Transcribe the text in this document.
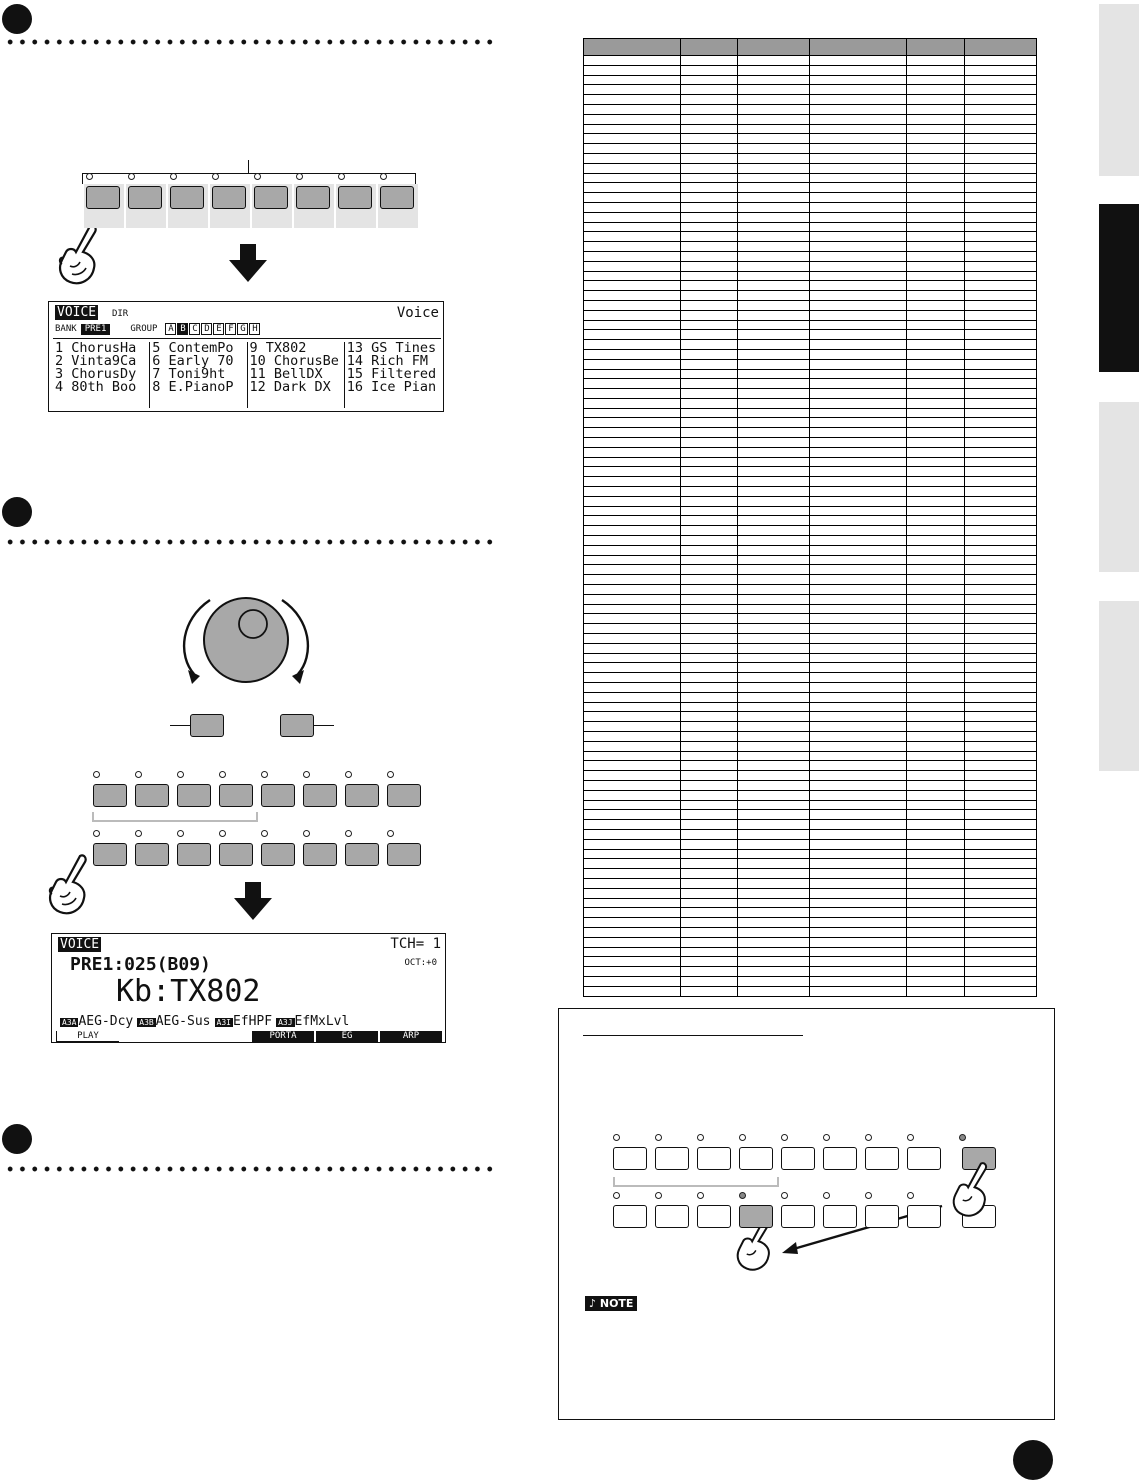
VOICE DIR	Voice
BANK PRE1	GROUP	A B C D E F G H
1 ChorusHa
2 Vinta9Ca
3 ChorusDy
4 80th Boo
5 ContemPo
6 Early 70
7 Toni9ht
8 E.PianoP
9 TX802
10 ChorusBe
11 BellDX
12 Dark DX
13 GS Tines
14 Rich FM
15 Filtered
16 Ice Pian
VOICE	TCH= 1
PRE1:025(B09)	OCT:+0
Kb:TX802
A3A AEG-Dcy A3B AEG-Sus A3I EfHPF A3J EfMxLvl
PLAY	PORTA	EG	ARP

♪ NOTE
